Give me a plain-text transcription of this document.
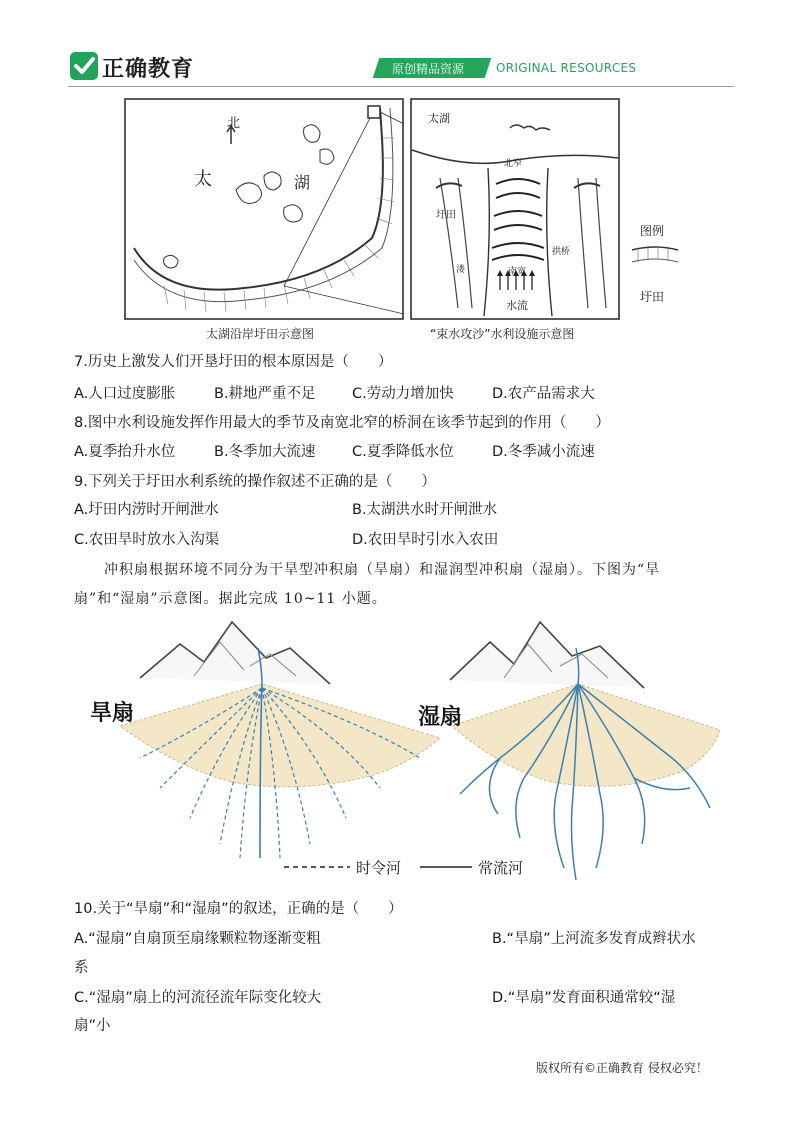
正确教育	原创精品资源	ORIGINAL RESOURCES
北
太	湖
太湖
北窄
圩田
溇
拱桥
南宽
水流
图例
圩田
太湖沿岸圩田示意图	“束水攻沙”水利设施示意图
7.历史上激发人们开垦圩田的根本原因是（　　）
A.人口过度膨胀	B.耕地严重不足	C.劳动力增加快	D.农产品需求大
8.图中水利设施发挥作用最大的季节及南宽北窄的桥洞在该季节起到的作用（　　）
A.夏季抬升水位	B.冬季加大流速	C.夏季降低水位	D.冬季减小流速
9.下列关于圩田水利系统的操作叙述不正确的是（　　）
A.圩田内涝时开闸泄水	B.太湖洪水时开闸泄水
C.农田旱时放水入沟渠	D.农田旱时引水入农田
冲积扇根据环境不同分为干旱型冲积扇（旱扇）和湿润型冲积扇（湿扇）。下图为“旱
扇”和“湿扇”示意图。据此完成 10~11 小题。
旱扇	湿扇
时令河	常流河
10.关于“旱扇”和“湿扇”的叙述，正确的是（　　）
A.“湿扇”自扇顶至扇缘颗粒物逐渐变粗	B.“旱扇”上河流多发育成辫状水
系
C.“湿扇”扇上的河流径流年际变化较大	D.“旱扇”发育面积通常较“湿
扇”小
版权所有©正确教育 侵权必究！
